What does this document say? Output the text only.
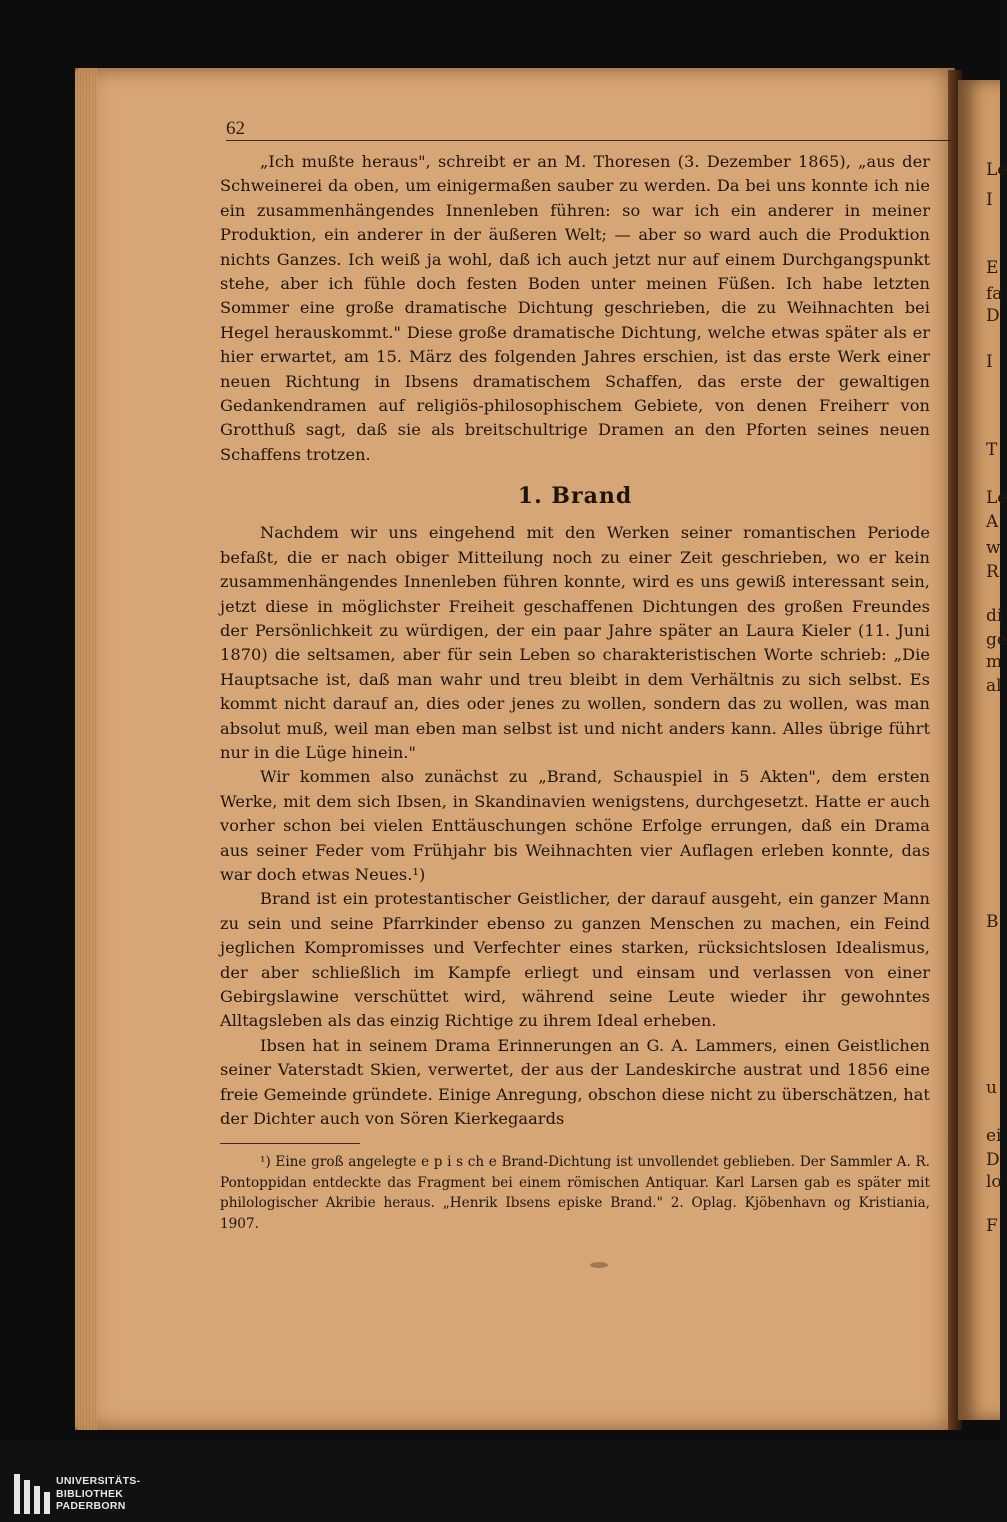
Le
I
E
fa
D
I
T
Le
A
w
R
di
ge
m
al
B
u
ei
D
lo
F
62

„Ich mußte heraus", schreibt er an M. Thoresen (3. Dezember 1865), „aus der Schweinerei da oben, um einigermaßen sauber zu werden. Da bei uns konnte ich nie ein zusammenhängendes Innenleben führen: so war ich ein anderer in meiner Produktion, ein anderer in der äußeren Welt; — aber so ward auch die Produktion nichts Ganzes. Ich weiß ja wohl, daß ich auch jetzt nur auf einem Durchgangspunkt stehe, aber ich fühle doch festen Boden unter meinen Füßen. Ich habe letzten Sommer eine große dramatische Dichtung geschrieben, die zu Weihnachten bei Hegel herauskommt." Diese große dramatische Dichtung, welche etwas später als er hier erwartet, am 15. März des folgenden Jahres erschien, ist das erste Werk einer neuen Richtung in Ibsens dramatischem Schaffen, das erste der gewaltigen Gedankendramen auf religiös-philosophischem Gebiete, von denen Freiherr von Grotthuß sagt, daß sie als breitschultrige Dramen an den Pforten seines neuen Schaffens trotzen.

1. Brand

Nachdem wir uns eingehend mit den Werken seiner romantischen Periode befaßt, die er nach obiger Mitteilung noch zu einer Zeit geschrieben, wo er kein zusammenhängendes Innenleben führen konnte, wird es uns gewiß interessant sein, jetzt diese in möglichster Freiheit geschaffenen Dichtungen des großen Freundes der Persönlichkeit zu würdigen, der ein paar Jahre später an Laura Kieler (11. Juni 1870) die seltsamen, aber für sein Leben so charakteristischen Worte schrieb: „Die Hauptsache ist, daß man wahr und treu bleibt in dem Verhältnis zu sich selbst. Es kommt nicht darauf an, dies oder jenes zu wollen, sondern das zu wollen, was man absolut muß, weil man eben man selbst ist und nicht anders kann. Alles übrige führt nur in die Lüge hinein."

Wir kommen also zunächst zu „Brand, Schauspiel in 5 Akten", dem ersten Werke, mit dem sich Ibsen, in Skandinavien wenigstens, durchgesetzt. Hatte er auch vorher schon bei vielen Enttäuschungen schöne Erfolge errungen, daß ein Drama aus seiner Feder vom Frühjahr bis Weihnachten vier Auflagen erleben konnte, das war doch etwas Neues.¹)

Brand ist ein protestantischer Geistlicher, der darauf ausgeht, ein ganzer Mann zu sein und seine Pfarrkinder ebenso zu ganzen Menschen zu machen, ein Feind jeglichen Kompromisses und Verfechter eines starken, rücksichtslosen Idealismus, der aber schließlich im Kampfe erliegt und einsam und verlassen von einer Gebirgslawine verschüttet wird, während seine Leute wieder ihr gewohntes Alltagsleben als das einzig Richtige zu ihrem Ideal erheben.

Ibsen hat in seinem Drama Erinnerungen an G. A. Lammers, einen Geistlichen seiner Vaterstadt Skien, verwertet, der aus der Landeskirche austrat und 1856 eine freie Gemeinde gründete. Einige Anregung, obschon diese nicht zu überschätzen, hat der Dichter auch von Sören Kierkegaards

¹) Eine groß angelegte e p i s ch e Brand-Dichtung ist unvollendet geblieben. Der Sammler A. R. Pontoppidan entdeckte das Fragment bei einem römischen Antiquar. Karl Larsen gab es später mit philologischer Akribie heraus. „Henrik Ibsens episke Brand." 2. Oplag. Kjöbenhavn og Kristiania, 1907.

UNIVERSITÄTS-
BIBLIOTHEK
PADERBORN
